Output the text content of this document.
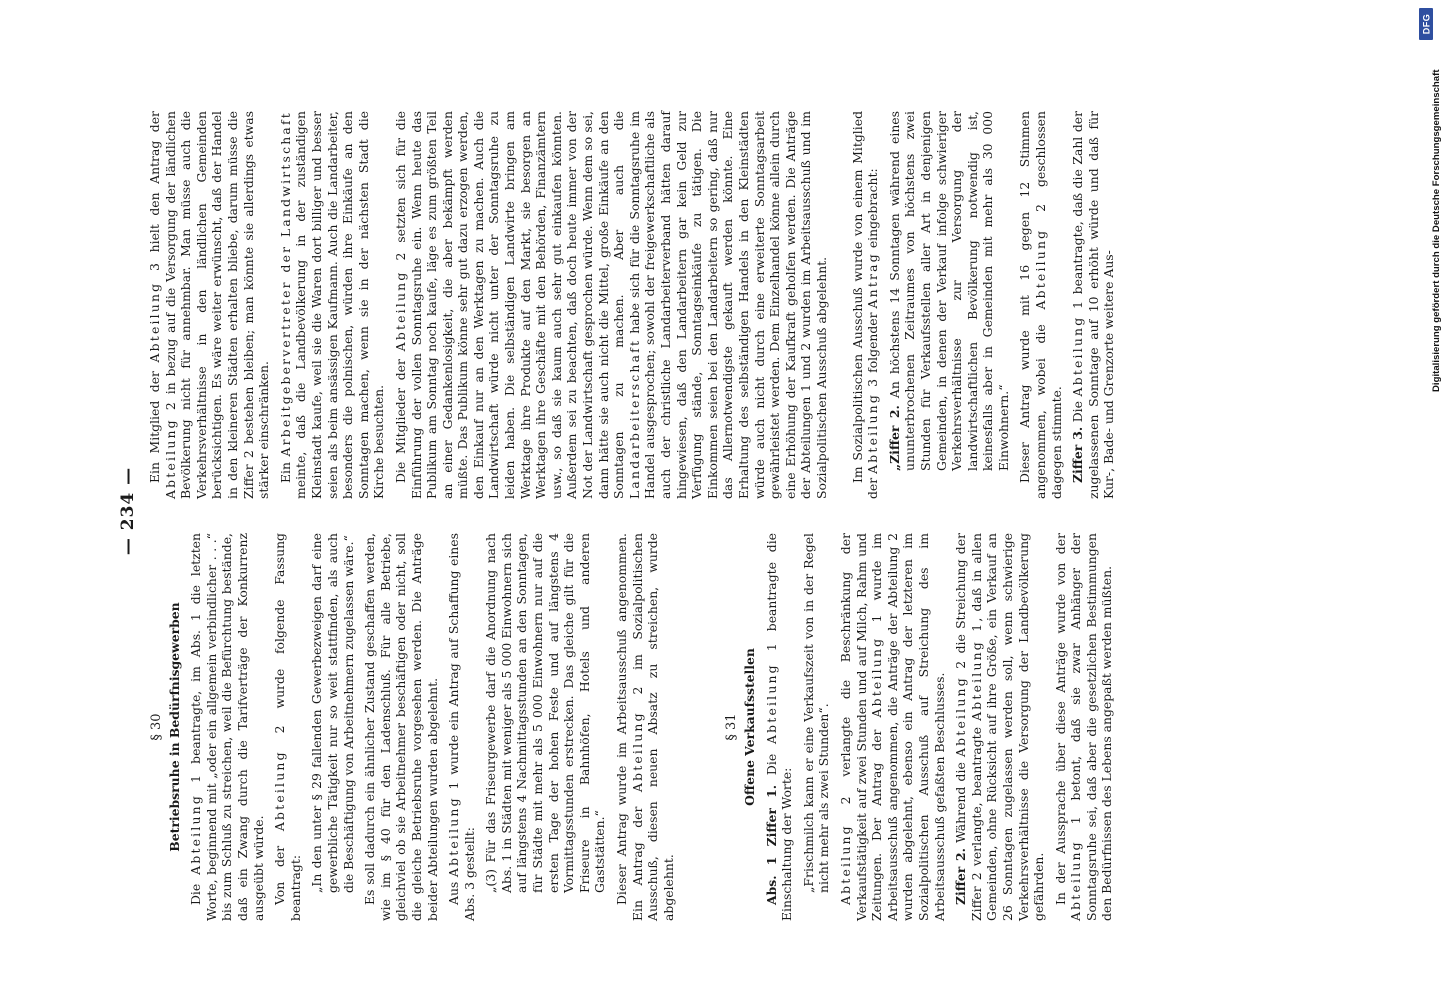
— 234 —
§ 30 Betriebsruhe in Bedürfnisgewerben

Die Abteilung 1 beantragte, im Abs. 1 die letzten Worte, beginnend mit „oder ein allgemein verbindlicher . . .“ bis zum Schluß zu streichen, weil die Befürchtung bestände, daß ein Zwang durch die Tarifverträge der Konkurrenz ausgeübt würde. Von der Abteilung 2 wurde folgende Fassung beantragt: „In den unter § 29 fallenden Gewerbezweigen darf eine gewerbliche Tätigkeit nur so weit stattfinden, als auch die Beschäftigung von Arbeitnehmern zugelassen wäre.“ Es soll dadurch ein ähnlicher Zustand geschaffen werden, wie im § 40 für den Ladenschluß. Für alle Betriebe, gleichviel ob sie Arbeitnehmer beschäftigen oder nicht, soll die gleiche Betriebsruhe vorgesehen werden. Die Anträge beider Abteilungen wurden abgelehnt. Aus Abteilung 1 wurde ein Antrag auf Schaffung eines Abs. 3 gestellt: „(3) Für das Friseurgewerbe darf die Anordnung nach Abs. 1 in Städten mit weniger als 5 000 Einwohnern sich auf längstens 4 Nachmittagsstunden an den Sonntagen, für Städte mit mehr als 5 000 Einwohnern nur auf die ersten Tage der hohen Feste und auf längstens 4 Vormittagsstunden erstrecken. Das gleiche gilt für die Friseure in Bahnhöfen, Hotels und anderen Gaststätten.“ Dieser Antrag wurde im Arbeitsausschuß angenommen. Ein Antrag der Abteilung 2 im Sozialpolitischen Ausschuß, diesen neuen Absatz zu streichen, wurde abgelehnt.

§ 31 Offene Verkaufsstellen

Abs. 1 Ziffer 1. Die Abteilung 1 beantragte die Einschaltung der Worte: „Frischmilch kann er eine Verkaufszeit von in der Regel nicht mehr als zwei Stunden“. Abteilung 2 verlangte die Beschränkung der Verkaufstätigkeit auf zwei Stunden und auf Milch, Rahm und Zeitungen. Der Antrag der Abteilung 1 wurde im Arbeitsausschuß angenommen, die Anträge der Abteilung 2 wurden abgelehnt, ebenso ein Antrag der letzteren im Sozialpolitischen Ausschuß auf Streichung des im Arbeitsausschuß gefaßten Beschlusses. Ziffer 2. Während die Abteilung 2 die Streichung der Ziffer 2 verlangte, beantragte Abteilung 1, daß in allen Gemeinden, ohne Rücksicht auf ihre Größe, ein Verkauf an 26 Sonntagen zugelassen werden soll, wenn schwierige Verkehrsverhältnisse die Versorgung der Landbevölkerung gefährden. In der Aussprache über diese Anträge wurde von der Abteilung 1 betont, daß sie zwar Anhänger der Sonntagsruhe sei, daß aber die gesetzlichen Bestimmungen den Bedürfnissen des Lebens angepaßt werden müßten.

Ein Mitglied der Abteilung 3 hielt den Antrag der Abteilung 2 in bezug auf die Versorgung der ländlichen Bevölkerung nicht für annehmbar. Man müsse auch die Verkehrsverhältnisse in den ländlichen Gemeinden berücksichtigen. Es wäre weiter erwünscht, daß der Handel in den kleineren Städten erhalten bliebe, darum müsse die Ziffer 2 bestehen bleiben; man könnte sie allerdings etwas stärker einschränken. Ein Arbeitgebervertreter der Landwirtschaft meinte, daß die Landbevölkerung in der zuständigen Kleinstadt kaufe, weil sie die Waren dort billiger und besser seien als beim ansässigen Kaufmann. Auch die Landarbeiter, besonders die polnischen, würden ihre Einkäufe an den Sonntagen machen, wenn sie in der nächsten Stadt die Kirche besuchten. Die Mitglieder der Abteilung 2 setzten sich für die Einführung der vollen Sonntagsruhe ein. Wenn heute das Publikum am Sonntag noch kaufe, läge es zum größten Teil an einer Gedankenlosigkeit, die aber bekämpft werden müßte. Das Publikum könne sehr gut dazu erzogen werden, den Einkauf nur an den Werktagen zu machen. Auch die Landwirtschaft würde nicht unter der Sonntagsruhe zu leiden haben. Die selbständigen Landwirte bringen am Werktage ihre Produkte auf den Markt, sie besorgen an Werktagen ihre Geschäfte mit den Behörden, Finanzämtern usw., so daß sie kaum auch sehr gut einkaufen könnten. Außerdem sei zu beachten, daß doch heute immer von der Not der Landwirtschaft gesprochen würde. Wenn dem so sei, dann hätte sie auch nicht die Mittel, große Einkäufe an den Sonntagen zu machen. Aber auch die Landarbeiterschaft habe sich für die Sonntagsruhe im Handel ausgesprochen; sowohl der freigewerkschaftliche als auch der christliche Landarbeiterverband hätten darauf hingewiesen, daß den Landarbeitern gar kein Geld zur Verfügung stände, Sonntagseinkäufe zu tätigen. Die Einkommen seien bei den Landarbeitern so gering, daß nur das Allernotwendigste gekauft werden könnte. Eine Erhaltung des selbständigen Handels in den Kleinstädten würde auch nicht durch eine erweiterte Sonntagsarbeit gewährleistet werden. Dem Einzelhandel könne allein durch eine Erhöhung der Kaufkraft geholfen werden. Die Anträge der Abteilungen 1 und 2 wurden im Arbeitsausschuß und im Sozialpolitischen Ausschuß abgelehnt. Im Sozialpolitischen Ausschuß wurde von einem Mitglied der Abteilung 3 folgender Antrag eingebracht:

„Ziffer 2. An höchstens 14 Sonntagen während eines ununterbrochenen Zeitraumes von höchstens zwei Stunden für Verkaufsstellen aller Art in denjenigen Gemeinden, in denen der Verkauf infolge schwieriger Verkehrsverhältnisse zur Versorgung der landwirtschaftlichen Bevölkerung notwendig ist, keinesfalls aber in Gemeinden mit mehr als 30 000 Einwohnern.“ Dieser Antrag wurde mit 16 gegen 12 Stimmen angenommen, wobei die Abteilung 2 geschlossen dagegen stimmte. Ziffer 3. Die Abteilung 1 beantragte, daß die Zahl der zugelassenen Sonntage auf 10 erhöht würde und daß für Kur-, Bade- und Grenzorte weitere Aus-

DFG
Digitalisierung gefördert durch die Deutsche Forschungsgemeinschaft
